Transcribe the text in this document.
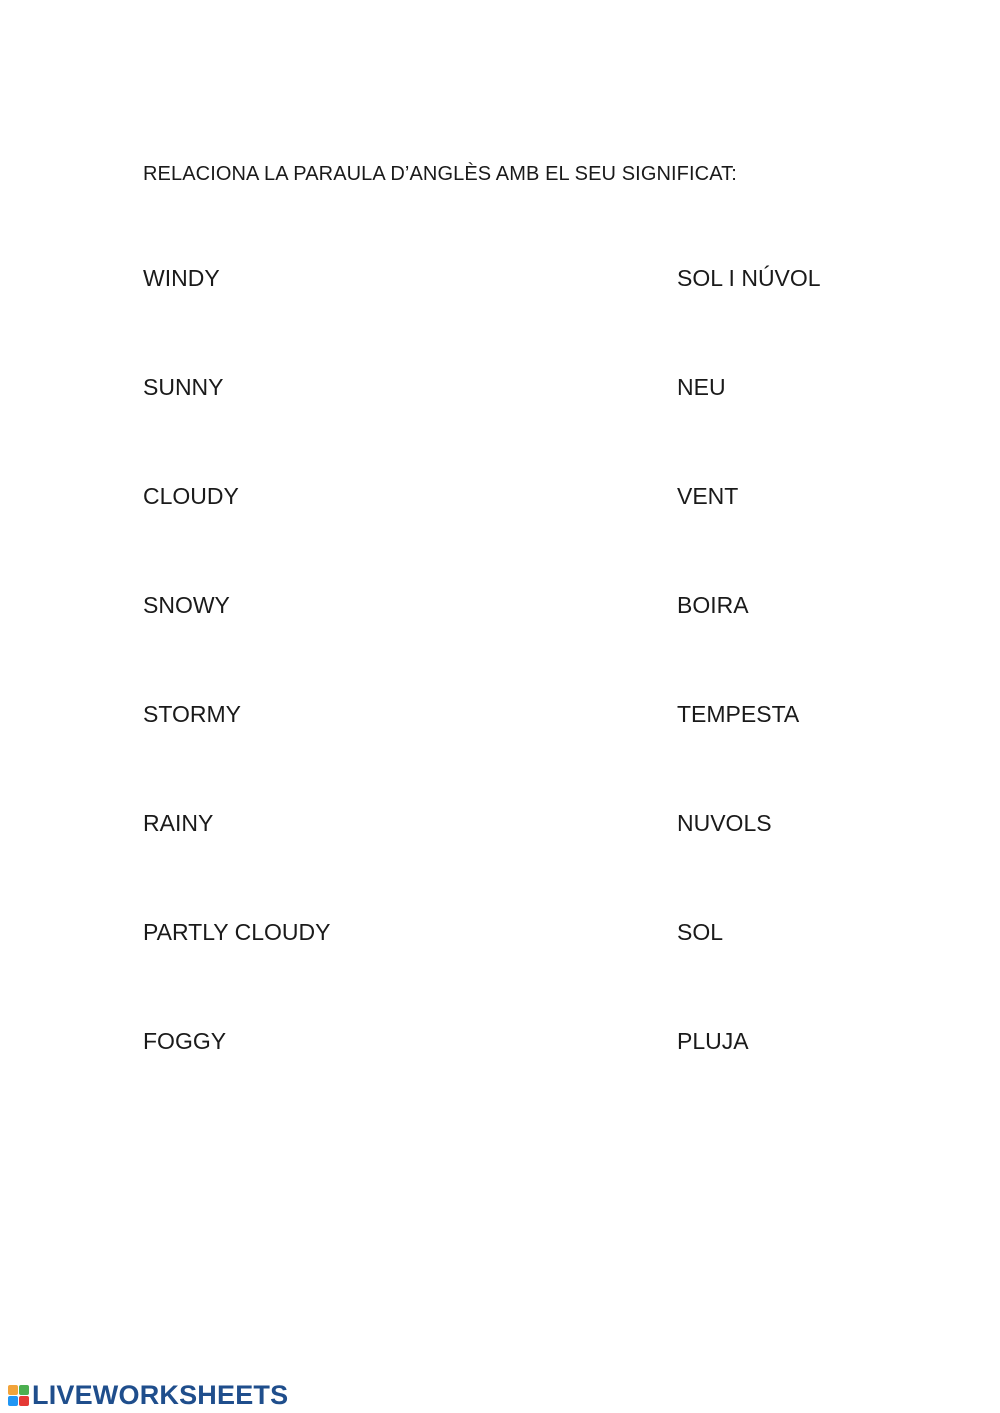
RELACIONA LA PARAULA D’ANGLÈS AMB EL SEU SIGNIFICAT:
WINDY
SUNNY
CLOUDY
SNOWY
STORMY
RAINY
PARTLY CLOUDY
FOGGY
SOL I NÚVOL
NEU
VENT
BOIRA
TEMPESTA
NUVOLS
SOL
PLUJA
LIVEWORKSHEETS
